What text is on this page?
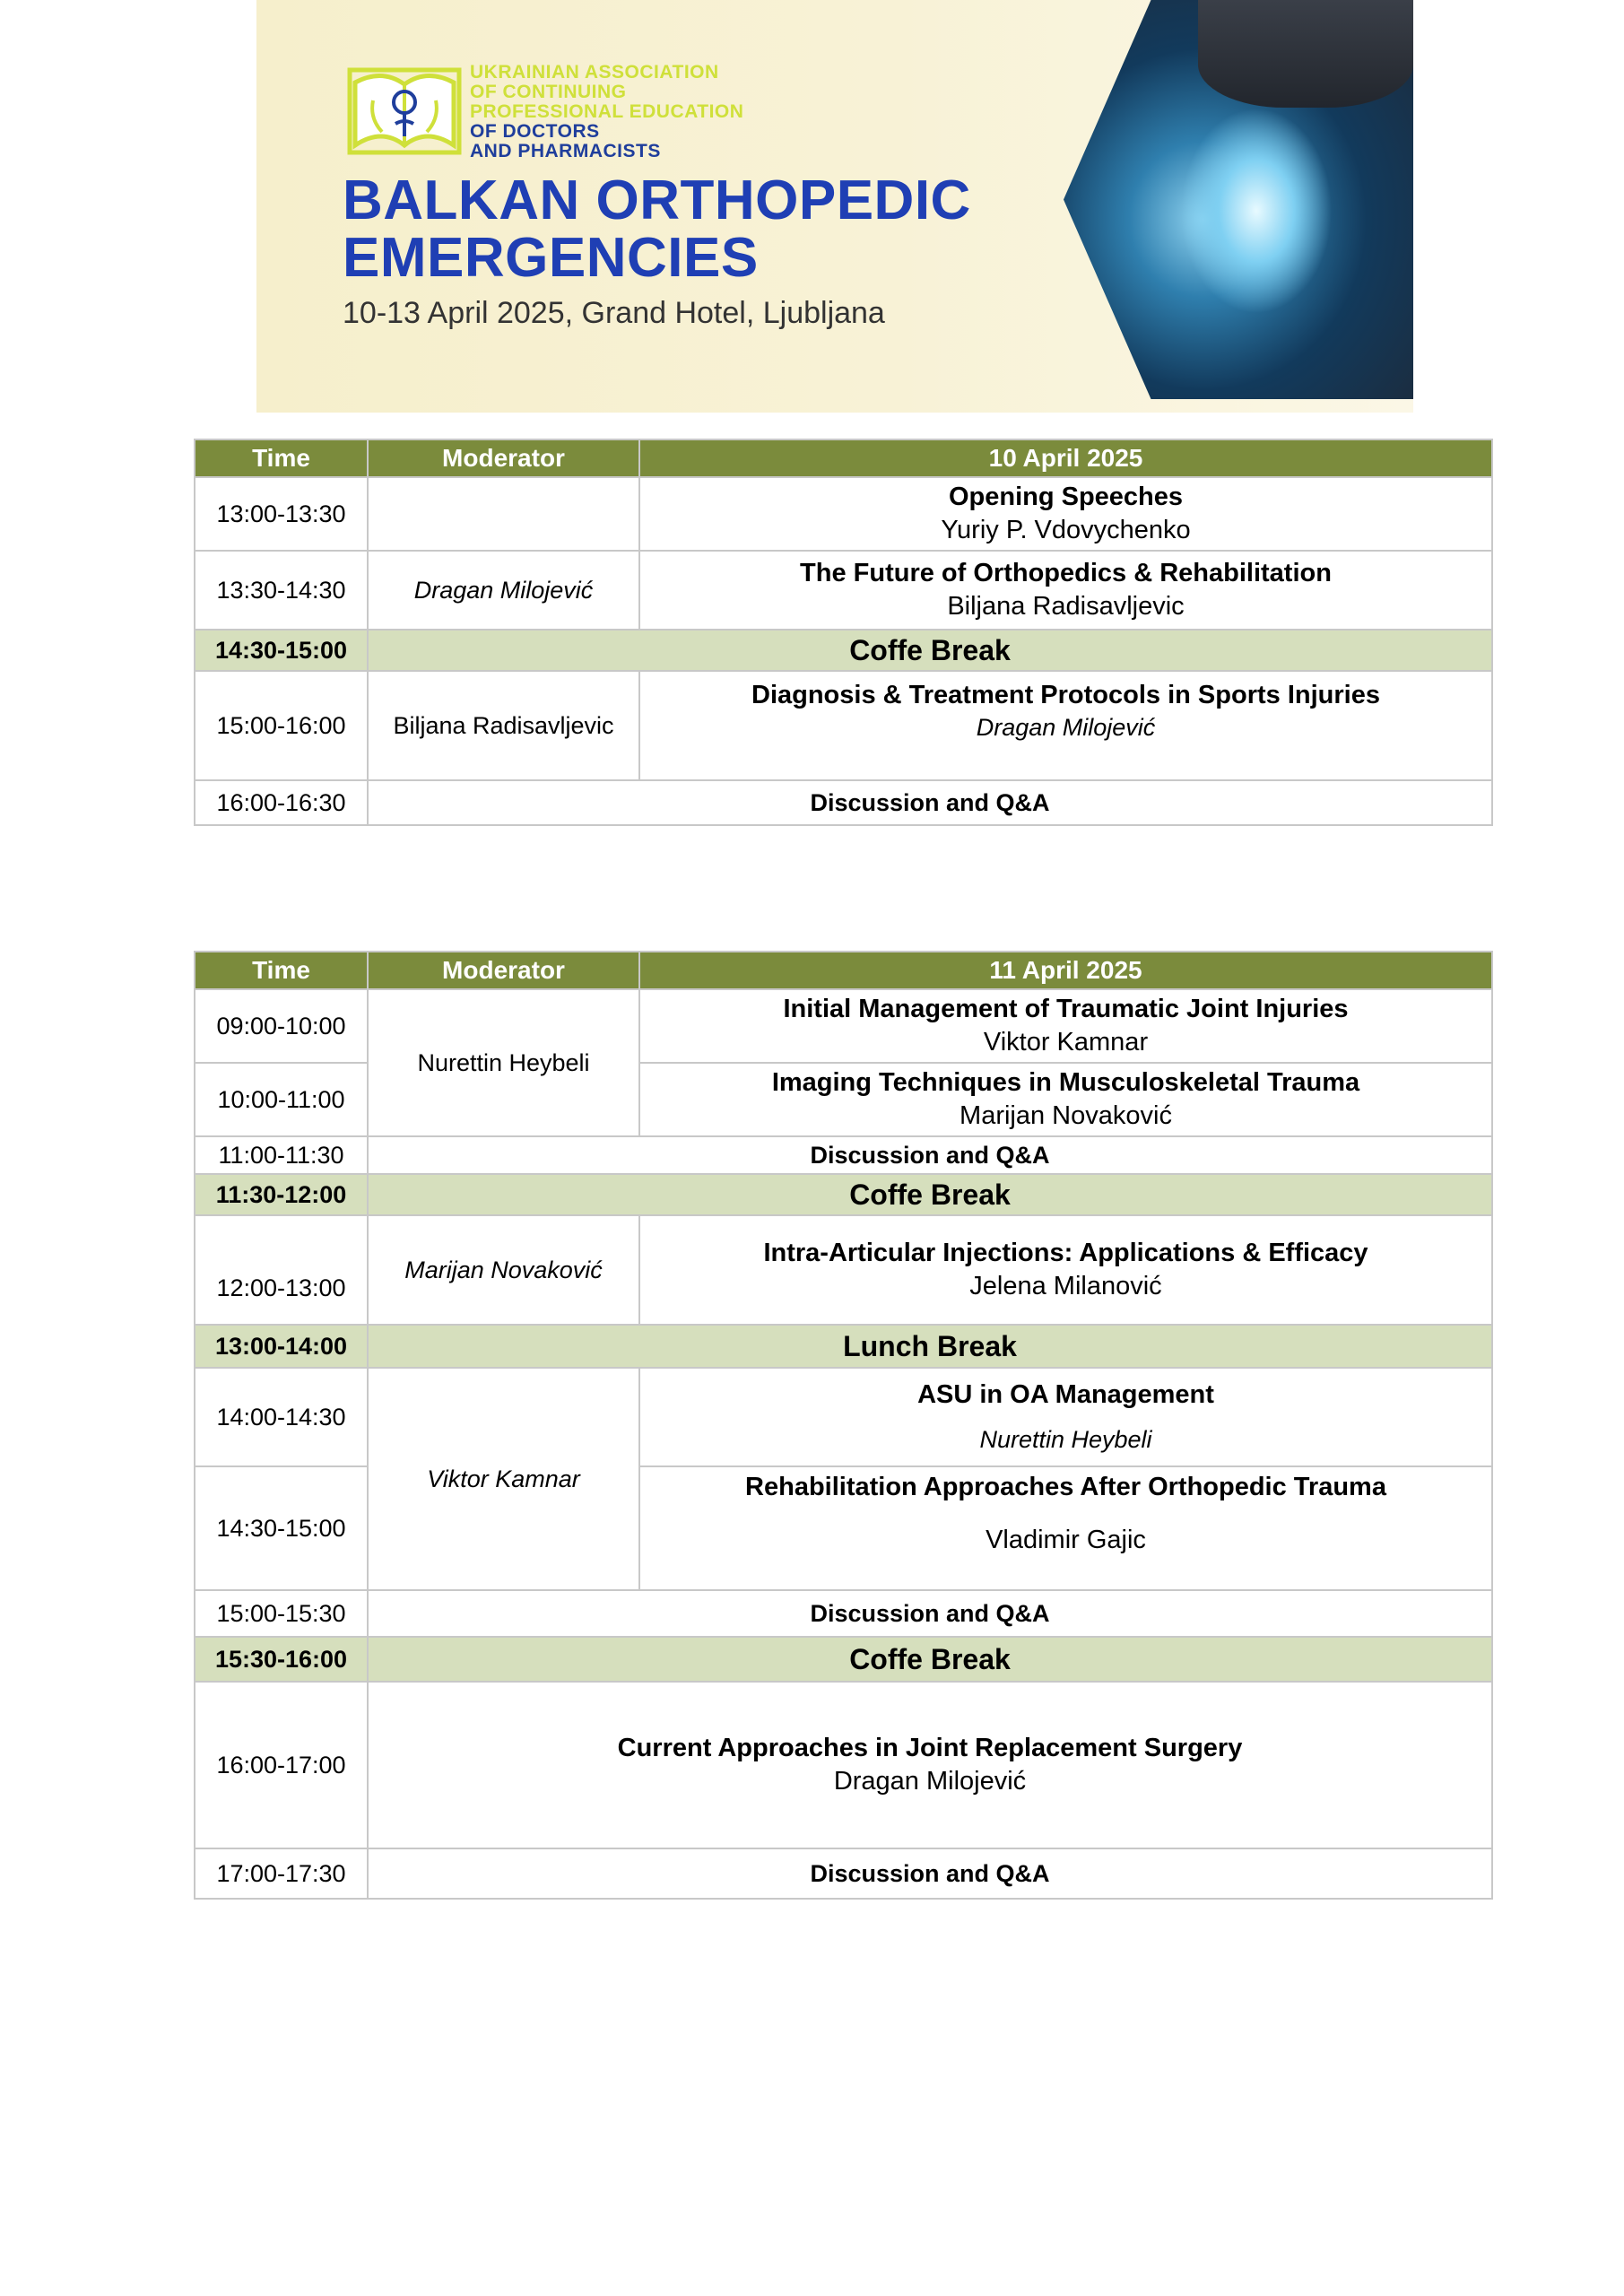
UKRAINIAN ASSOCIATION
OF CONTINUING
PROFESSIONAL EDUCATION
OF DOCTORS
AND PHARMACISTS
BALKAN ORTHOPEDIC
EMERGENCIES
10-13 April 2025, Grand Hotel, Ljubljana
Time	Moderator	10 April 2025
13:00-13:30		Opening Speeches
Yuriy P. Vdovychenko

13:30-14:30	Dragan Milojević	The Future of Orthopedics & Rehabilitation
Biljana Radisavljevic

14:30-15:00	Coffe Break	
15:00-16:00	Biljana Radisavljevic	Diagnosis & Treatment Protocols in Sports Injuries
Dragan Milojević

16:00-16:30	Discussion and Q&A	
Time	Moderator	11 April 2025
09:00-10:00	Nurettin Heybeli	Initial Management of Traumatic Joint Injuries
Viktor Kamnar

10:00-11:00		Imaging Techniques in Musculoskeletal Trauma
Marijan Novaković

11:00-11:30	Discussion and Q&A	
11:30-12:00	Coffe Break	
12:00-13:00	Marijan Novaković	Intra-Articular Injections: Applications & Efficacy
Jelena Milanović

13:00-14:00	Lunch Break	
14:00-14:30	Viktor Kamnar	ASU in OA Management
Nurettin Heybeli

14:30-15:00		Rehabilitation Approaches After Orthopedic Trauma
Vladimir Gajic

15:00-15:30	Discussion and Q&A	
15:30-16:00	Coffe Break	
16:00-17:00	Current Approaches in Joint Replacement Surgery
Dragan Milojević	

17:00-17:30	Discussion and Q&A	
